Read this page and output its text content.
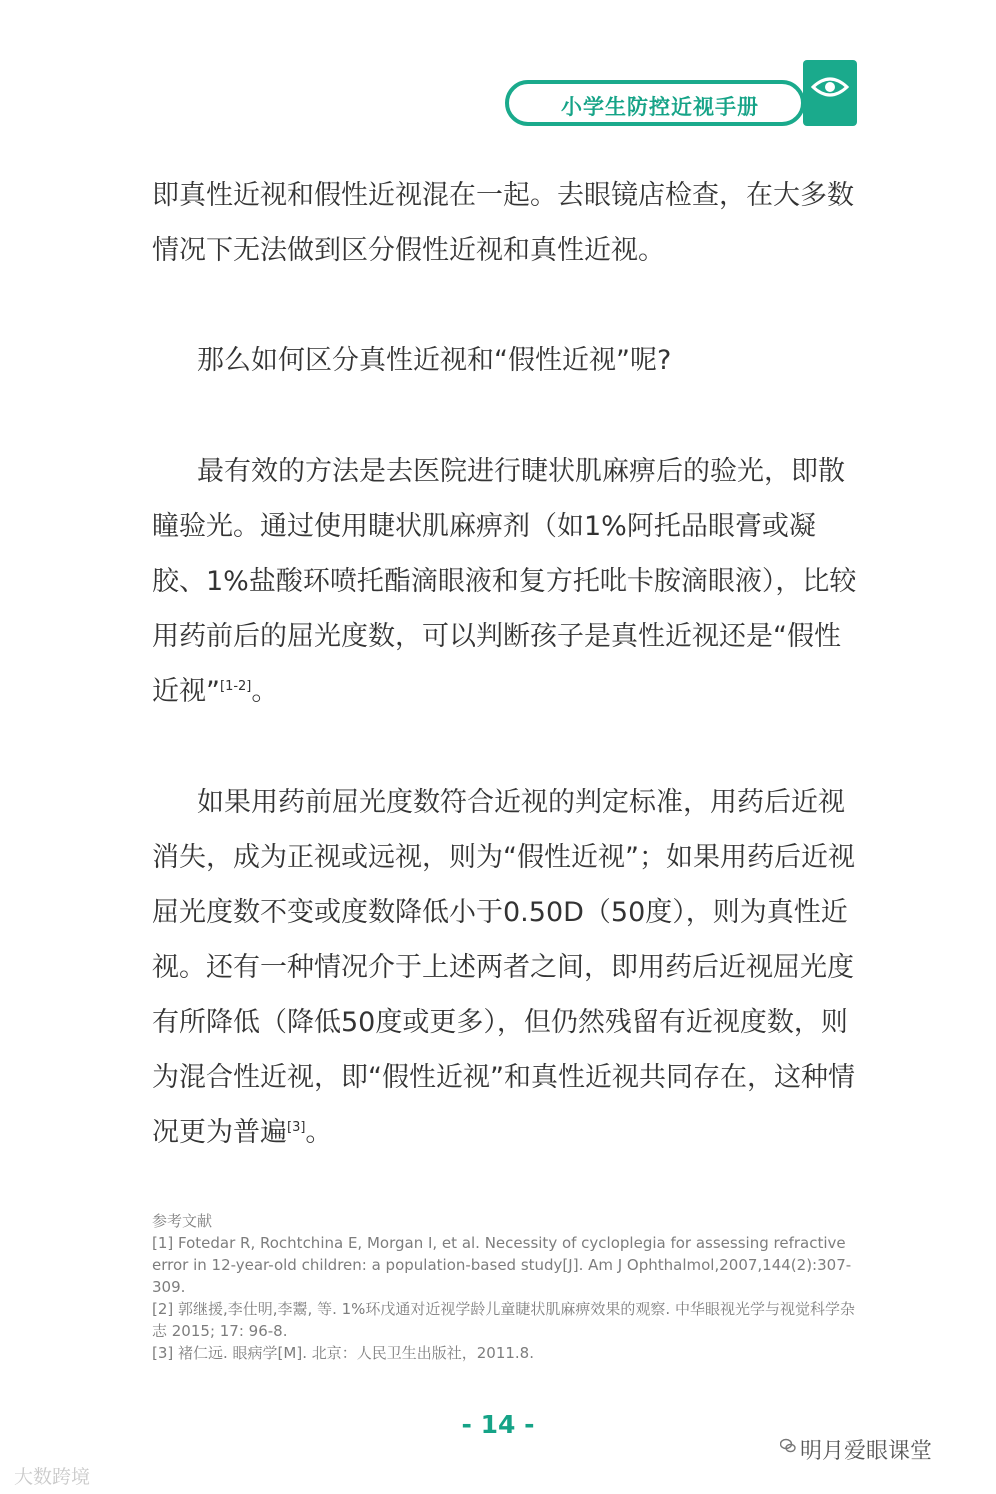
小学生防控近视手册

即真性近视和假性近视混在一起。去眼镜店检查，在大多数情况下无法做到区分假性近视和真性近视。

那么如何区分真性近视和“假性近视”呢?

最有效的方法是去医院进行睫状肌麻痹后的验光，即散瞳验光。通过使用睫状肌麻痹剂（如1%阿托品眼膏或凝胶、1%盐酸环喷托酯滴眼液和复方托吡卡胺滴眼液），比较用药前后的屈光度数，可以判断孩子是真性近视还是“假性近视”[1-2]。

如果用药前屈光度数符合近视的判定标准，用药后近视消失，成为正视或远视，则为“假性近视”；如果用药后近视屈光度数不变或度数降低小于0.50D（50度），则为真性近视。还有一种情况介于上述两者之间，即用药后近视屈光度有所降低（降低50度或更多），但仍然残留有近视度数，则为混合性近视，即“假性近视”和真性近视共同存在，这种情况更为普遍[3]。

参考文献
[1] Fotedar R, Rochtchina E, Morgan I, et al. Necessity of cycloplegia for assessing refractive error in 12-year-old children: a population-based study[J]. Am J Ophthalmol,2007,144(2):307-309.
[2] 郭继援,李仕明,李鬻, 等. 1%环戊通对近视学龄儿童睫状肌麻痹效果的观察. 中华眼视光学与视觉科学杂志 2015; 17: 96-8.
[3] 褚仁远. 眼病学[M]. 北京：人民卫生出版社，2011.8.
- 14 -
明月爱眼课堂
大数跨境
